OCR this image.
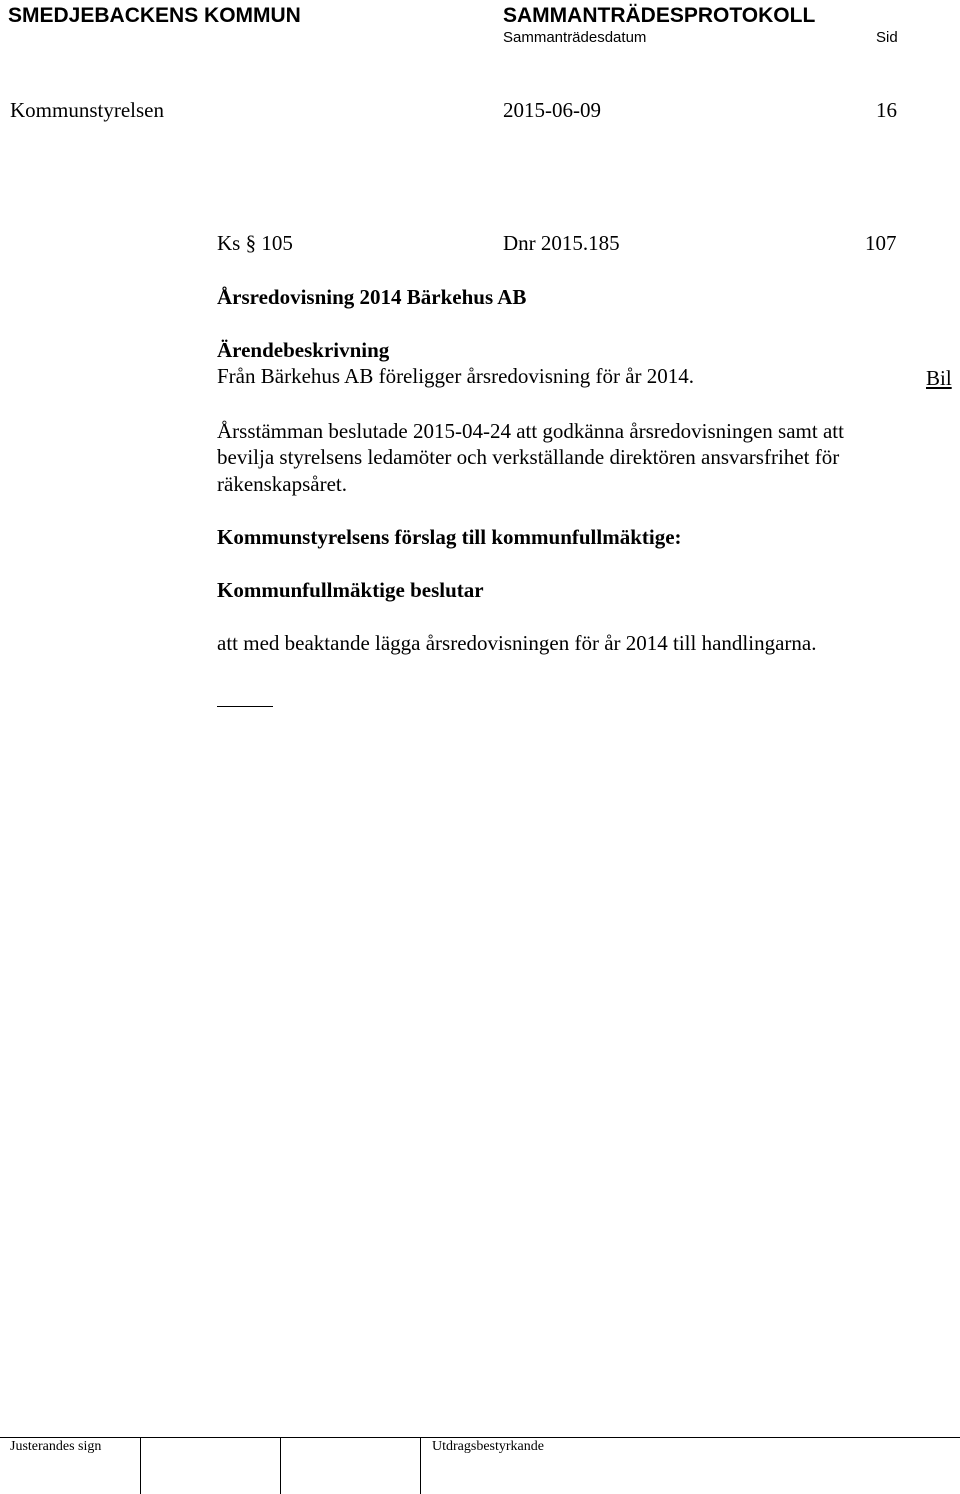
SMEDJEBACKENS KOMMUN	SAMMANTRÄDESPROTOKOLL
Sammanträdesdatum	Sid
Kommunstyrelsen	2015-06-09	16
Ks § 105	Dnr 2015.185	107
Årsredovisning 2014 Bärkehus AB
Ärendebeskrivning
Från Bärkehus AB föreligger årsredovisning för år 2014.	Bil
Årsstämman beslutade 2015-04-24 att godkänna årsredovisningen samt att
bevilja styrelsens ledamöter och verkställande direktören ansvarsfrihet för
räkenskapsåret.
Kommunstyrelsens förslag till kommunfullmäktige:
Kommunfullmäktige beslutar
att med beaktande lägga årsredovisningen för år 2014 till handlingarna.
Justerandes sign	Utdragsbestyrkande
